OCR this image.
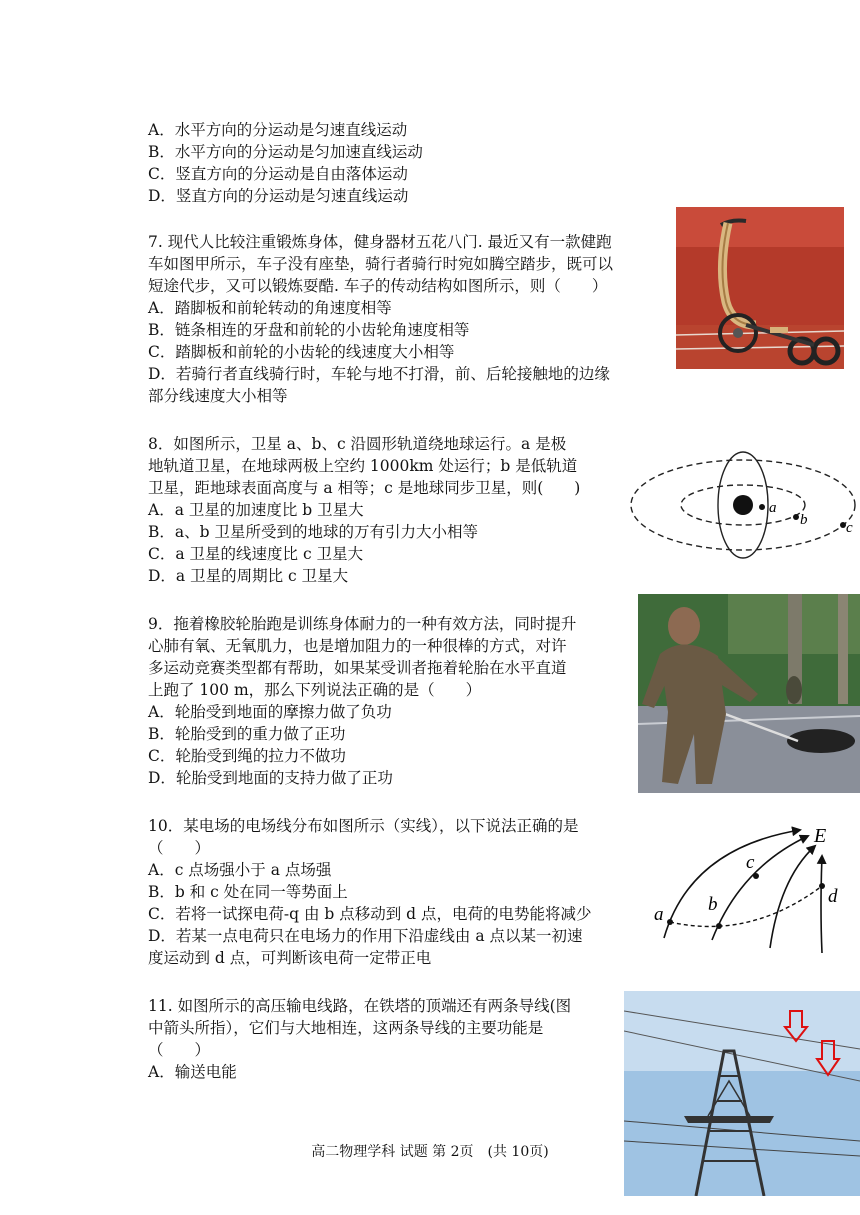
A．水平方向的分运动是匀速直线运动
B．水平方向的分运动是匀加速直线运动
C．竖直方向的分运动是自由落体运动
D．竖直方向的分运动是匀速直线运动
7. 现代人比较注重锻炼身体，健身器材五花八门. 最近又有一款健跑
车如图甲所示，车子没有座垫，骑行者骑行时宛如腾空踏步，既可以
短途代步，又可以锻炼耍酷. 车子的传动结构如图所示，则（　　）
A．踏脚板和前轮转动的角速度相等
B．链条相连的牙盘和前轮的小齿轮角速度相等
C．踏脚板和前轮的小齿轮的线速度大小相等
D．若骑行者直线骑行时，车轮与地不打滑，前、后轮接触地的边缘
部分线速度大小相等
8．如图所示，卫星 a、b、c 沿圆形轨道绕地球运行。a 是极
地轨道卫星，在地球两极上空约 1000km 处运行；b 是低轨道
卫星，距地球表面高度与 a 相等；c 是地球同步卫星，则(　　)
A．a 卫星的加速度比 b 卫星大
B．a、b 卫星所受到的地球的万有引力大小相等
C．a 卫星的线速度比 c 卫星大
D．a 卫星的周期比 c 卫星大
a
b	c
9．拖着橡胶轮胎跑是训练身体耐力的一种有效方法，同时提升
心肺有氧、无氧肌力，也是增加阻力的一种很棒的方式，对许
多运动竞赛类型都有帮助，如果某受训者拖着轮胎在水平直道
上跑了 100 m，那么下列说法正确的是（　　）
A．轮胎受到地面的摩擦力做了负功
B．轮胎受到的重力做了正功
C．轮胎受到绳的拉力不做功
D．轮胎受到地面的支持力做了正功
10．某电场的电场线分布如图所示（实线），以下说法正确的是
（　　）
A．c 点场强小于 a 点场强
B．b 和 c 处在同一等势面上
C．若将一试探电荷-q 由 b 点移动到 d 点，电荷的电势能将减少
D．若某一点电荷只在电场力的作用下沿虚线由 a 点以某一初速
度运动到 d 点，可判断该电荷一定带正电
E
a b
c
d
11. 如图所示的高压输电线路，在铁塔的顶端还有两条导线(图
中箭头所指），它们与大地相连，这两条导线的主要功能是
（　　）
A．输送电能
高二物理学科 试题 第 2页　(共 10页)
